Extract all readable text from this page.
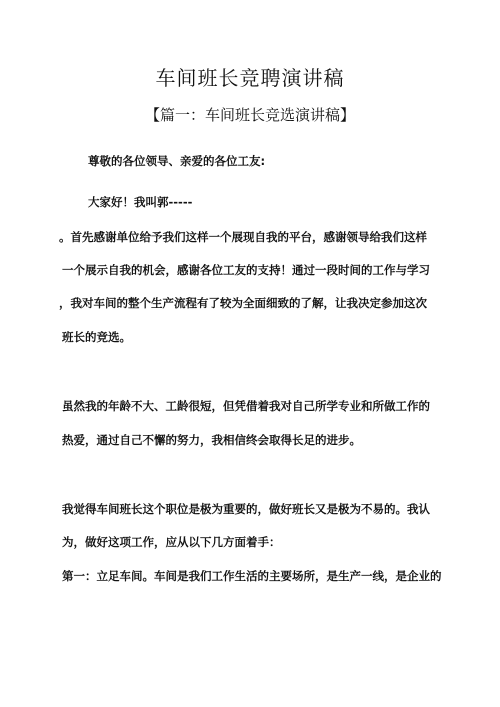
车间班长竞聘演讲稿
【篇一：车间班长竞选演讲稿】
尊敬的各位领导、亲爱的各位工友:
大家好！我叫郭-----
。首先感谢单位给予我们这样一个展现自我的平台，感谢领导给我们这样
一个展示自我的机会，感谢各位工友的支持！通过一段时间的工作与学习
，我对车间的整个生产流程有了较为全面细致的了解，让我决定参加这次
班长的竞选。
虽然我的年龄不大、工龄很短，但凭借着我对自己所学专业和所做工作的
热爱，通过自己不懈的努力，我相信终会取得长足的进步。
我觉得车间班长这个职位是极为重要的，做好班长又是极为不易的。我认
为，做好这项工作，应从以下几方面着手：
第一：立足车间。车间是我们工作生活的主要场所，是生产一线，是企业的
